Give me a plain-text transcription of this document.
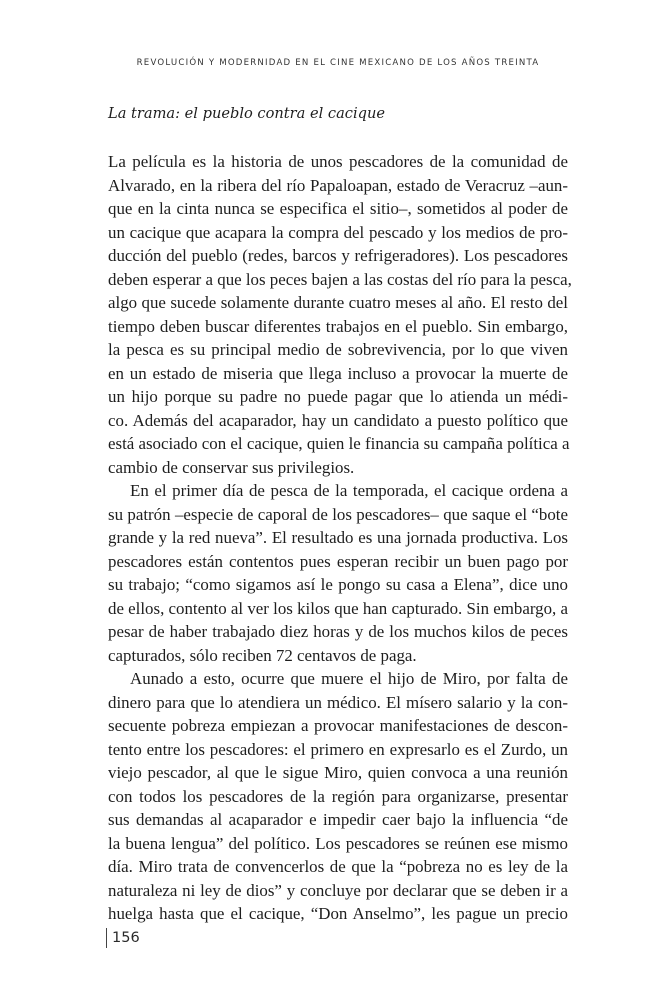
REVOLUCIÓN Y MODERNIDAD EN EL CINE MEXICANO DE LOS AÑOS TREINTA
La trama: el pueblo contra el cacique
La película es la historia de unos pescadores de la comunidad de
Alvarado, en la ribera del río Papaloapan, estado de Veracruz –aun-
que en la cinta nunca se especifica el sitio–, sometidos al poder de
un cacique que acapara la compra del pescado y los medios de pro-
ducción del pueblo (redes, barcos y refrigeradores). Los pescadores
deben esperar a que los peces bajen a las costas del río para la pesca,
algo que sucede solamente durante cuatro meses al año. El resto del
tiempo deben buscar diferentes trabajos en el pueblo. Sin embargo,
la pesca es su principal medio de sobrevivencia, por lo que viven
en un estado de miseria que llega incluso a provocar la muerte de
un hijo porque su padre no puede pagar que lo atienda un médi-
co. Además del acaparador, hay un candidato a puesto político que
está asociado con el cacique, quien le financia su campaña política a
cambio de conservar sus privilegios.
En el primer día de pesca de la temporada, el cacique ordena a
su patrón –especie de caporal de los pescadores– que saque el “bote
grande y la red nueva”. El resultado es una jornada productiva. Los
pescadores están contentos pues esperan recibir un buen pago por
su trabajo; “como sigamos así le pongo su casa a Elena”, dice uno
de ellos, contento al ver los kilos que han capturado. Sin embargo, a
pesar de haber trabajado diez horas y de los muchos kilos de peces
capturados, sólo reciben 72 centavos de paga.
Aunado a esto, ocurre que muere el hijo de Miro, por falta de
dinero para que lo atendiera un médico. El mísero salario y la con-
secuente pobreza empiezan a provocar manifestaciones de descon-
tento entre los pescadores: el primero en expresarlo es el Zurdo, un
viejo pescador, al que le sigue Miro, quien convoca a una reunión
con todos los pescadores de la región para organizarse, presentar
sus demandas al acaparador e impedir caer bajo la influencia “de
la buena lengua” del político. Los pescadores se reúnen ese mismo
día. Miro trata de convencerlos de que la “pobreza no es ley de la
naturaleza ni ley de dios” y concluye por declarar que se deben ir a
huelga hasta que el cacique, “Don Anselmo”, les pague un precio
156
